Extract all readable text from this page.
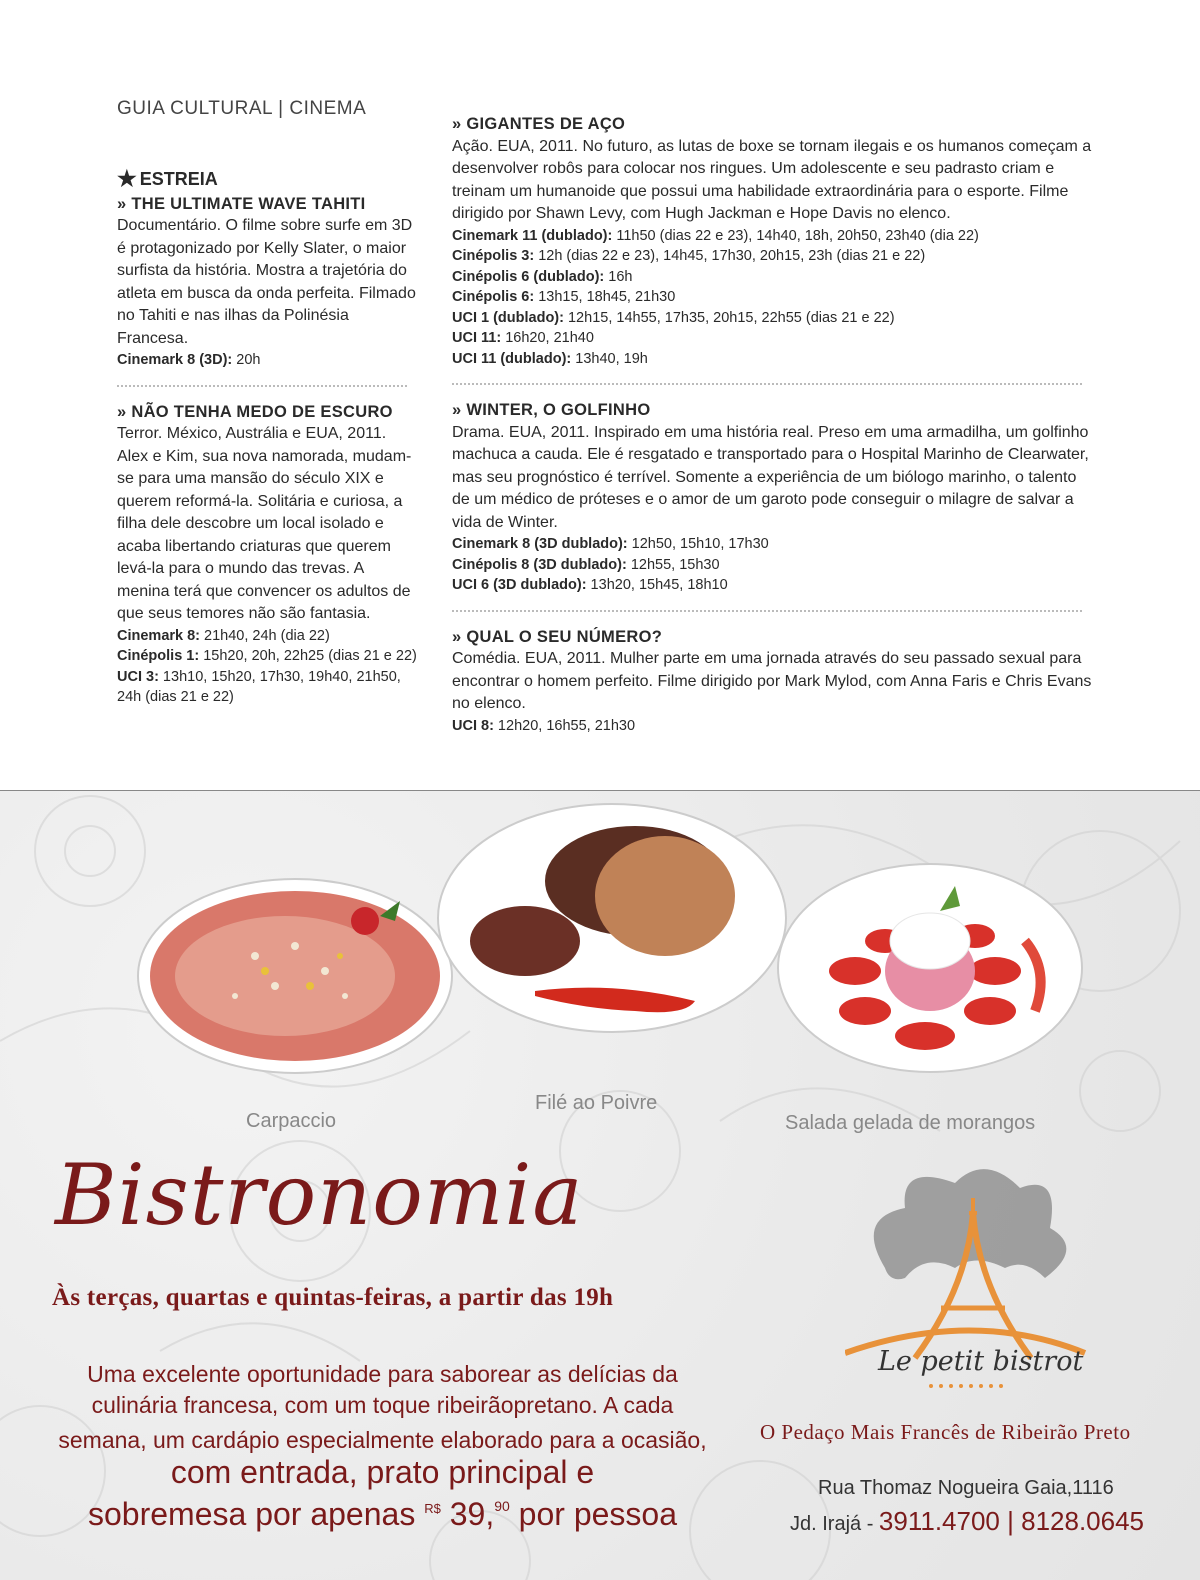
GUIA CULTURAL | CINEMA
★ ESTREIA

» THE ULTIMATE WAVE TAHITI

Documentário. O filme sobre surfe em 3D é protagonizado por Kelly Slater, o maior surfista da história. Mostra a trajetória do atleta em busca da onda perfeita. Filmado no Tahiti e nas ilhas da Polinésia Francesa.

Cinemark 8 (3D): 20h

» NÃO TENHA MEDO DE ESCURO

Terror. México, Austrália e EUA, 2011. Alex e Kim, sua nova namorada, mudam-se para uma mansão do século XIX e querem reformá-la. Solitária e curiosa, a filha dele descobre um local isolado e acaba libertando criaturas que querem levá-la para o mundo das trevas. A menina terá que convencer os adultos de que seus temores não são fantasia.

Cinemark 8: 21h40, 24h (dia 22)
Cinépolis 1: 15h20, 20h, 22h25 (dias 21 e 22)
UCI 3: 13h10, 15h20, 17h30, 19h40, 21h50, 24h (dias 21 e 22)

» GIGANTES DE AÇO

Ação. EUA, 2011. No futuro, as lutas de boxe se tornam ilegais e os humanos começam a desenvolver robôs para colocar nos ringues. Um adolescente e seu padrasto criam e treinam um humanoide que possui uma habilidade extraordinária para o esporte. Filme dirigido por Shawn Levy, com Hugh Jackman e Hope Davis no elenco.

Cinemark 11 (dublado): 11h50 (dias 22 e 23), 14h40, 18h, 20h50, 23h40 (dia 22)
Cinépolis 3: 12h (dias 22 e 23), 14h45, 17h30, 20h15, 23h (dias 21 e 22)
Cinépolis 6 (dublado): 16h
Cinépolis 6: 13h15, 18h45, 21h30
UCI 1 (dublado): 12h15, 14h55, 17h35, 20h15, 22h55 (dias 21 e 22)
UCI 11: 16h20, 21h40
UCI 11 (dublado): 13h40, 19h

» WINTER, O GOLFINHO

Drama. EUA, 2011. Inspirado em uma história real. Preso em uma armadilha, um golfinho machuca a cauda. Ele é resgatado e transportado para o Hospital Marinho de Clearwater, mas seu prognóstico é terrível. Somente a experiência de um biólogo marinho, o talento de um médico de próteses e o amor de um garoto pode conseguir o milagre de salvar a vida de Winter.

Cinemark 8 (3D dublado): 12h50, 15h10, 17h30
Cinépolis 8 (3D dublado): 12h55, 15h30
UCI 6 (3D dublado): 13h20, 15h45, 18h10

» QUAL O SEU NÚMERO?

Comédia. EUA, 2011. Mulher parte em uma jornada através do seu passado sexual para encontrar o homem perfeito. Filme dirigido por Mark Mylod, com Anna Faris e Chris Evans no elenco.

UCI 8: 12h20, 16h55, 21h30

Carpaccio
Filé ao Poivre
Salada gelada de morangos
Bistronomia
Às terças, quartas e quintas-feiras, a partir das 19h
Uma excelente oportunidade para saborear as delícias da culinária francesa, com um toque ribeirãopretano. A cada semana, um cardápio especialmente elaborado para a ocasião, com entrada, prato principal e
sobremesa por apenas $^{R\$}$ 39,90 por pessoa
Le petit bistrot
O Pedaço Mais Francês de Ribeirão Preto
Rua Thomaz Nogueira Gaia,1116
Jd. Irajá - 3911.4700 | 8128.0645
